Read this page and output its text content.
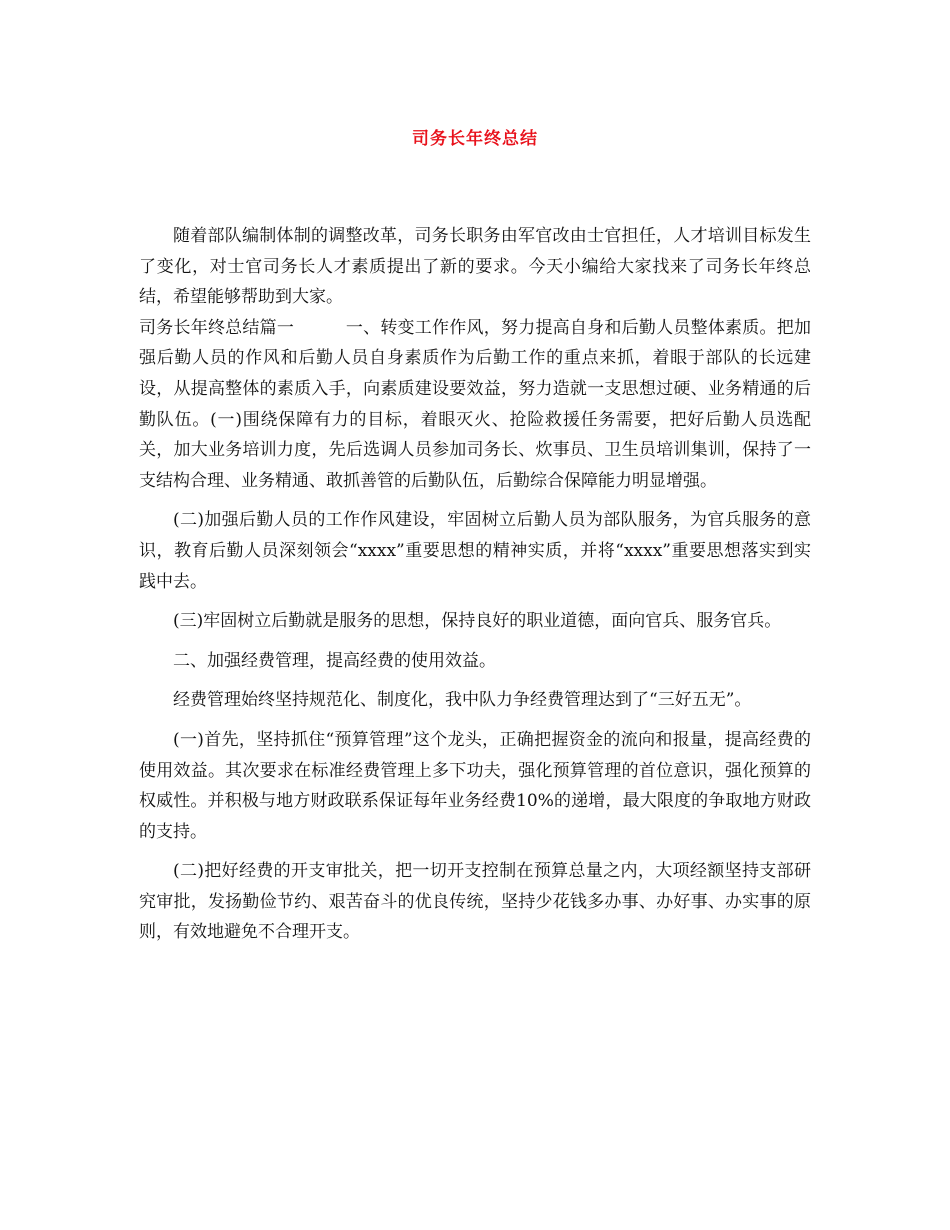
司务长年终总结

随着部队编制体制的调整改革，司务长职务由军官改由士官担任，人才培训目标发生了变化，对士官司务长人才素质提出了新的要求。今天小编给大家找来了司务长年终总结，希望能够帮助到大家。

司务长年终总结篇一　　　一、转变工作作风，努力提高自身和后勤人员整体素质。把加强后勤人员的作风和后勤人员自身素质作为后勤工作的重点来抓，着眼于部队的长远建设，从提高整体的素质入手，向素质建设要效益，努力造就一支思想过硬、业务精通的后勤队伍。(一)围绕保障有力的目标，着眼灭火、抢险救援任务需要，把好后勤人员选配关，加大业务培训力度，先后选调人员参加司务长、炊事员、卫生员培训集训，保持了一支结构合理、业务精通、敢抓善管的后勤队伍，后勤综合保障能力明显增强。

(二)加强后勤人员的工作作风建设，牢固树立后勤人员为部队服务，为官兵服务的意识，教育后勤人员深刻领会“xxxx”重要思想的精神实质，并将“xxxx”重要思想落实到实践中去。

(三)牢固树立后勤就是服务的思想，保持良好的职业道德，面向官兵、服务官兵。

二、加强经费管理，提高经费的使用效益。

经费管理始终坚持规范化、制度化，我中队力争经费管理达到了“三好五无”。

(一)首先，坚持抓住“预算管理”这个龙头，正确把握资金的流向和报量，提高经费的使用效益。其次要求在标准经费管理上多下功夫，强化预算管理的首位意识，强化预算的权威性。并积极与地方财政联系保证每年业务经费10%的递增，最大限度的争取地方财政的支持。

(二)把好经费的开支审批关，把一切开支控制在预算总量之内，大项经额坚持支部研究审批，发扬勤俭节约、艰苦奋斗的优良传统，坚持少花钱多办事、办好事、办实事的原则，有效地避免不合理开支。
